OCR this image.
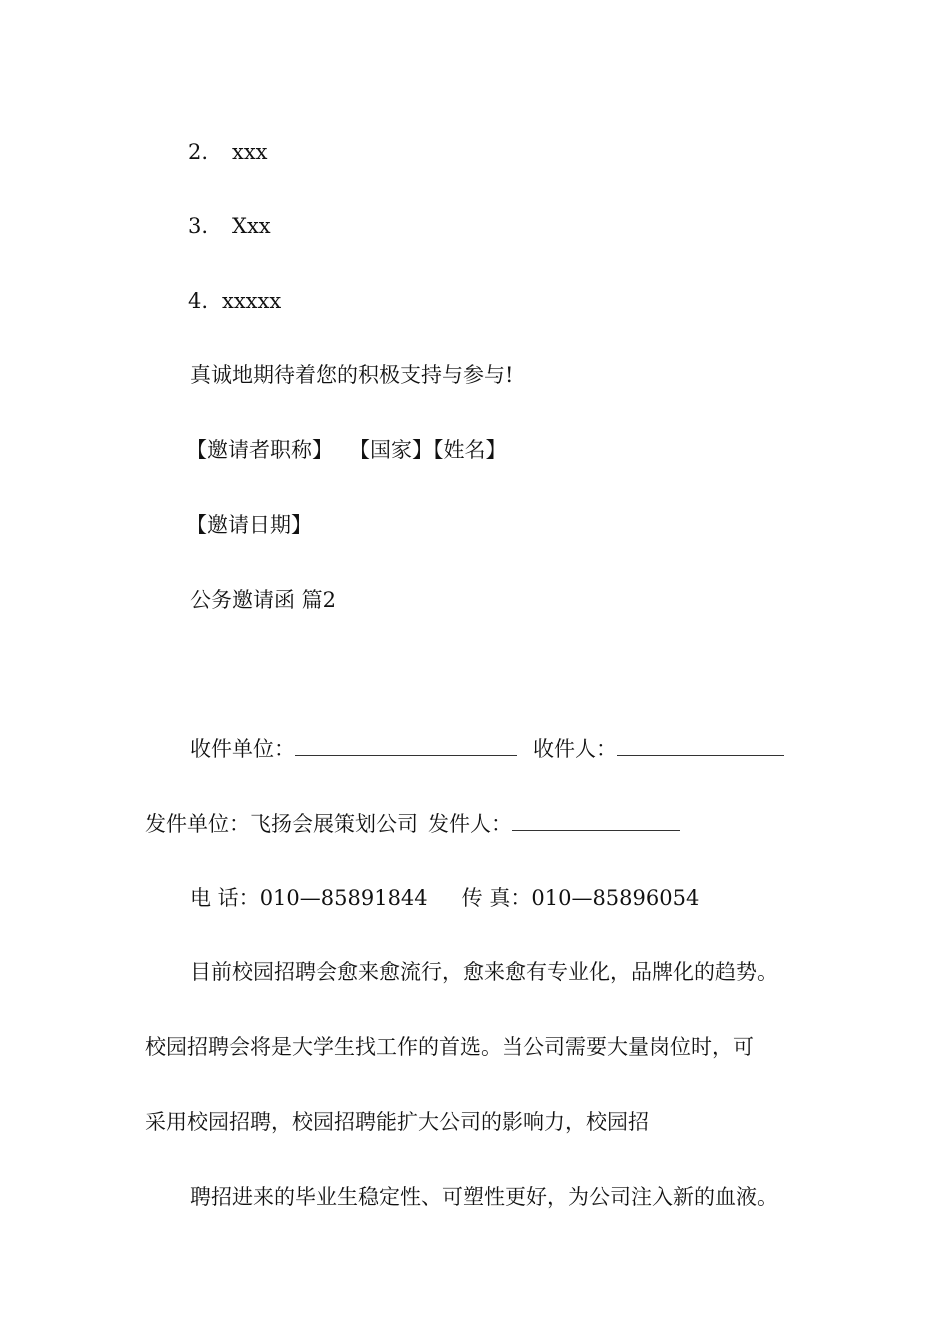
2. xxx
3. Xxx
4. xxxxx
真诚地期待着您的积极支持与参与!
【邀请者职称】 【国家】【姓名】
【邀请日期】
公务邀请函 篇2
收件单位：	收件人：
发件单位：飞扬会展策划公司 发件人：
电 话：010—85891844 传 真：010—85896054
目前校园招聘会愈来愈流行，愈来愈有专业化，品牌化的趋势。
校园招聘会将是大学生找工作的首选。当公司需要大量岗位时，可
采用校园招聘，校园招聘能扩大公司的影响力，校园招
聘招进来的毕业生稳定性、可塑性更好，为公司注入新的血液。
